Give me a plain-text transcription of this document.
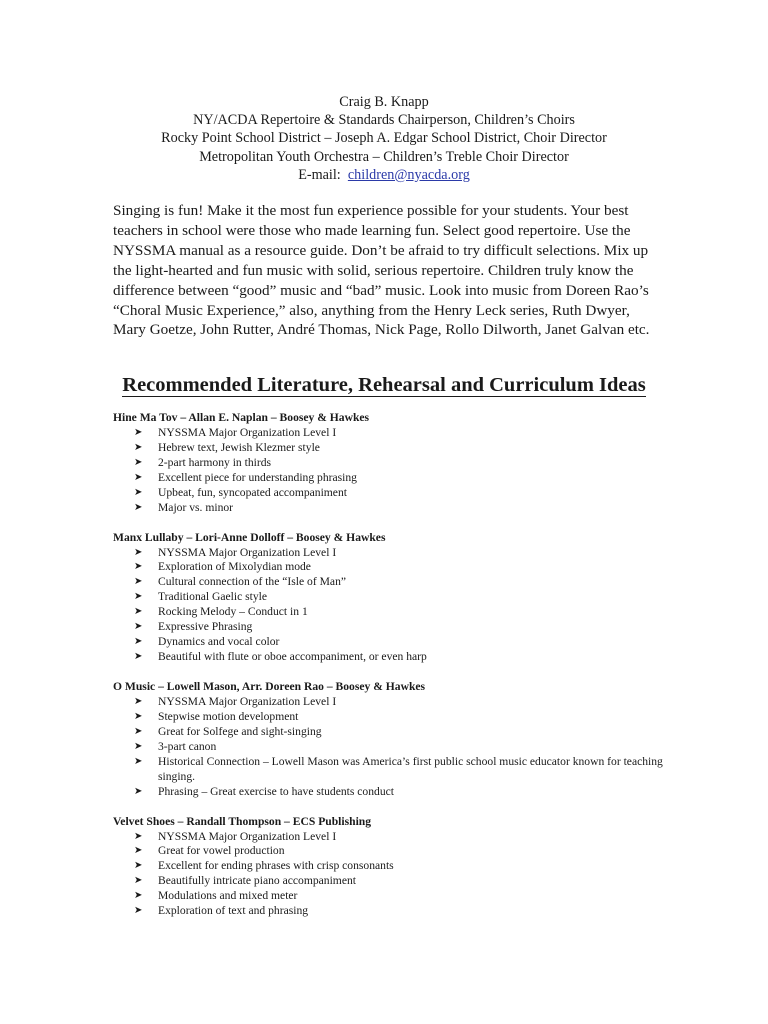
Craig B. Knapp
NY/ACDA Repertoire & Standards Chairperson, Children’s Choirs
Rocky Point School District – Joseph A. Edgar School District, Choir Director
Metropolitan Youth Orchestra – Children’s Treble Choir Director
E-mail: children@nyacda.org

Singing is fun! Make it the most fun experience possible for your students. Your best teachers in school were those who made learning fun. Select good repertoire. Use the NYSSMA manual as a resource guide. Don’t be afraid to try difficult selections. Mix up the light-hearted and fun music with solid, serious repertoire. Children truly know the difference between “good” music and “bad” music. Look into music from Doreen Rao’s “Choral Music Experience,” also, anything from the Henry Leck series, Ruth Dwyer, Mary Goetze, John Rutter, André Thomas, Nick Page, Rollo Dilworth, Janet Galvan etc.

Recommended Literature, Rehearsal and Curriculum Ideas
Hine Ma Tov – Allan E. Naplan – Boosey & Hawkes
➤ NYSSMA Major Organization Level I
➤ Hebrew text, Jewish Klezmer style
➤ 2-part harmony in thirds
➤ Excellent piece for understanding phrasing
➤ Upbeat, fun, syncopated accompaniment
➤ Major vs. minor
Manx Lullaby – Lori-Anne Dolloff – Boosey & Hawkes
➤ NYSSMA Major Organization Level I
➤ Exploration of Mixolydian mode
➤ Cultural connection of the “Isle of Man”
➤ Traditional Gaelic style
➤ Rocking Melody – Conduct in 1
➤ Expressive Phrasing
➤ Dynamics and vocal color
➤ Beautiful with flute or oboe accompaniment, or even harp
O Music – Lowell Mason, Arr. Doreen Rao – Boosey & Hawkes
➤ NYSSMA Major Organization Level I
➤ Stepwise motion development
➤ Great for Solfege and sight-singing
➤ 3-part canon
➤ Historical Connection – Lowell Mason was America’s first public school music educator known for teaching singing.
➤ Phrasing – Great exercise to have students conduct
Velvet Shoes – Randall Thompson – ECS Publishing
➤ NYSSMA Major Organization Level I
➤ Great for vowel production
➤ Excellent for ending phrases with crisp consonants
➤ Beautifully intricate piano accompaniment
➤ Modulations and mixed meter
➤ Exploration of text and phrasing
